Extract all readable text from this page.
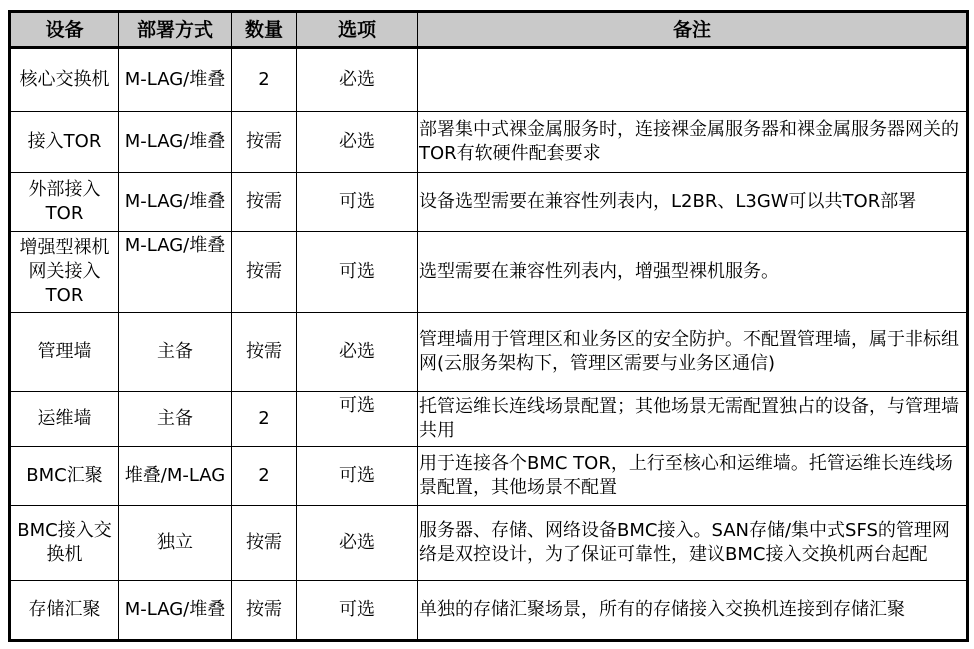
设备	部署方式	数量	选项	备注
核心交换机	M-LAG/堆叠	2	必选	
接入TOR	M-LAG/堆叠	按需	必选	部署集中式裸金属服务时，连接裸金属服务器和裸金属服务器网关的TOR有软硬件配套要求
外部接入TOR	M-LAG/堆叠	按需	可选	设备选型需要在兼容性列表内，L2BR、L3GW可以共TOR部署
增强型裸机网关接入TOR	M-LAG/堆叠	按需	可选	选型需要在兼容性列表内，增强型裸机服务。
管理墙	主备	按需	必选	管理墙用于管理区和业务区的安全防护。不配置管理墙，属于非标组网(云服务架构下，管理区需要与业务区通信)
运维墙	主备	2	可选	托管运维长连线场景配置；其他场景无需配置独占的设备，与管理墙共用
BMC汇聚	堆叠/M-LAG	2	可选	用于连接各个BMC TOR，上行至核心和运维墙。托管运维长连线场景配置，其他场景不配置
BMC接入交换机	独立	按需	必选	服务器、存储、网络设备BMC接入。SAN存储/集中式SFS的管理网络是双控设计，为了保证可靠性，建议BMC接入交换机两台起配
存储汇聚	M-LAG/堆叠	按需	可选	单独的存储汇聚场景，所有的存储接入交换机连接到存储汇聚
